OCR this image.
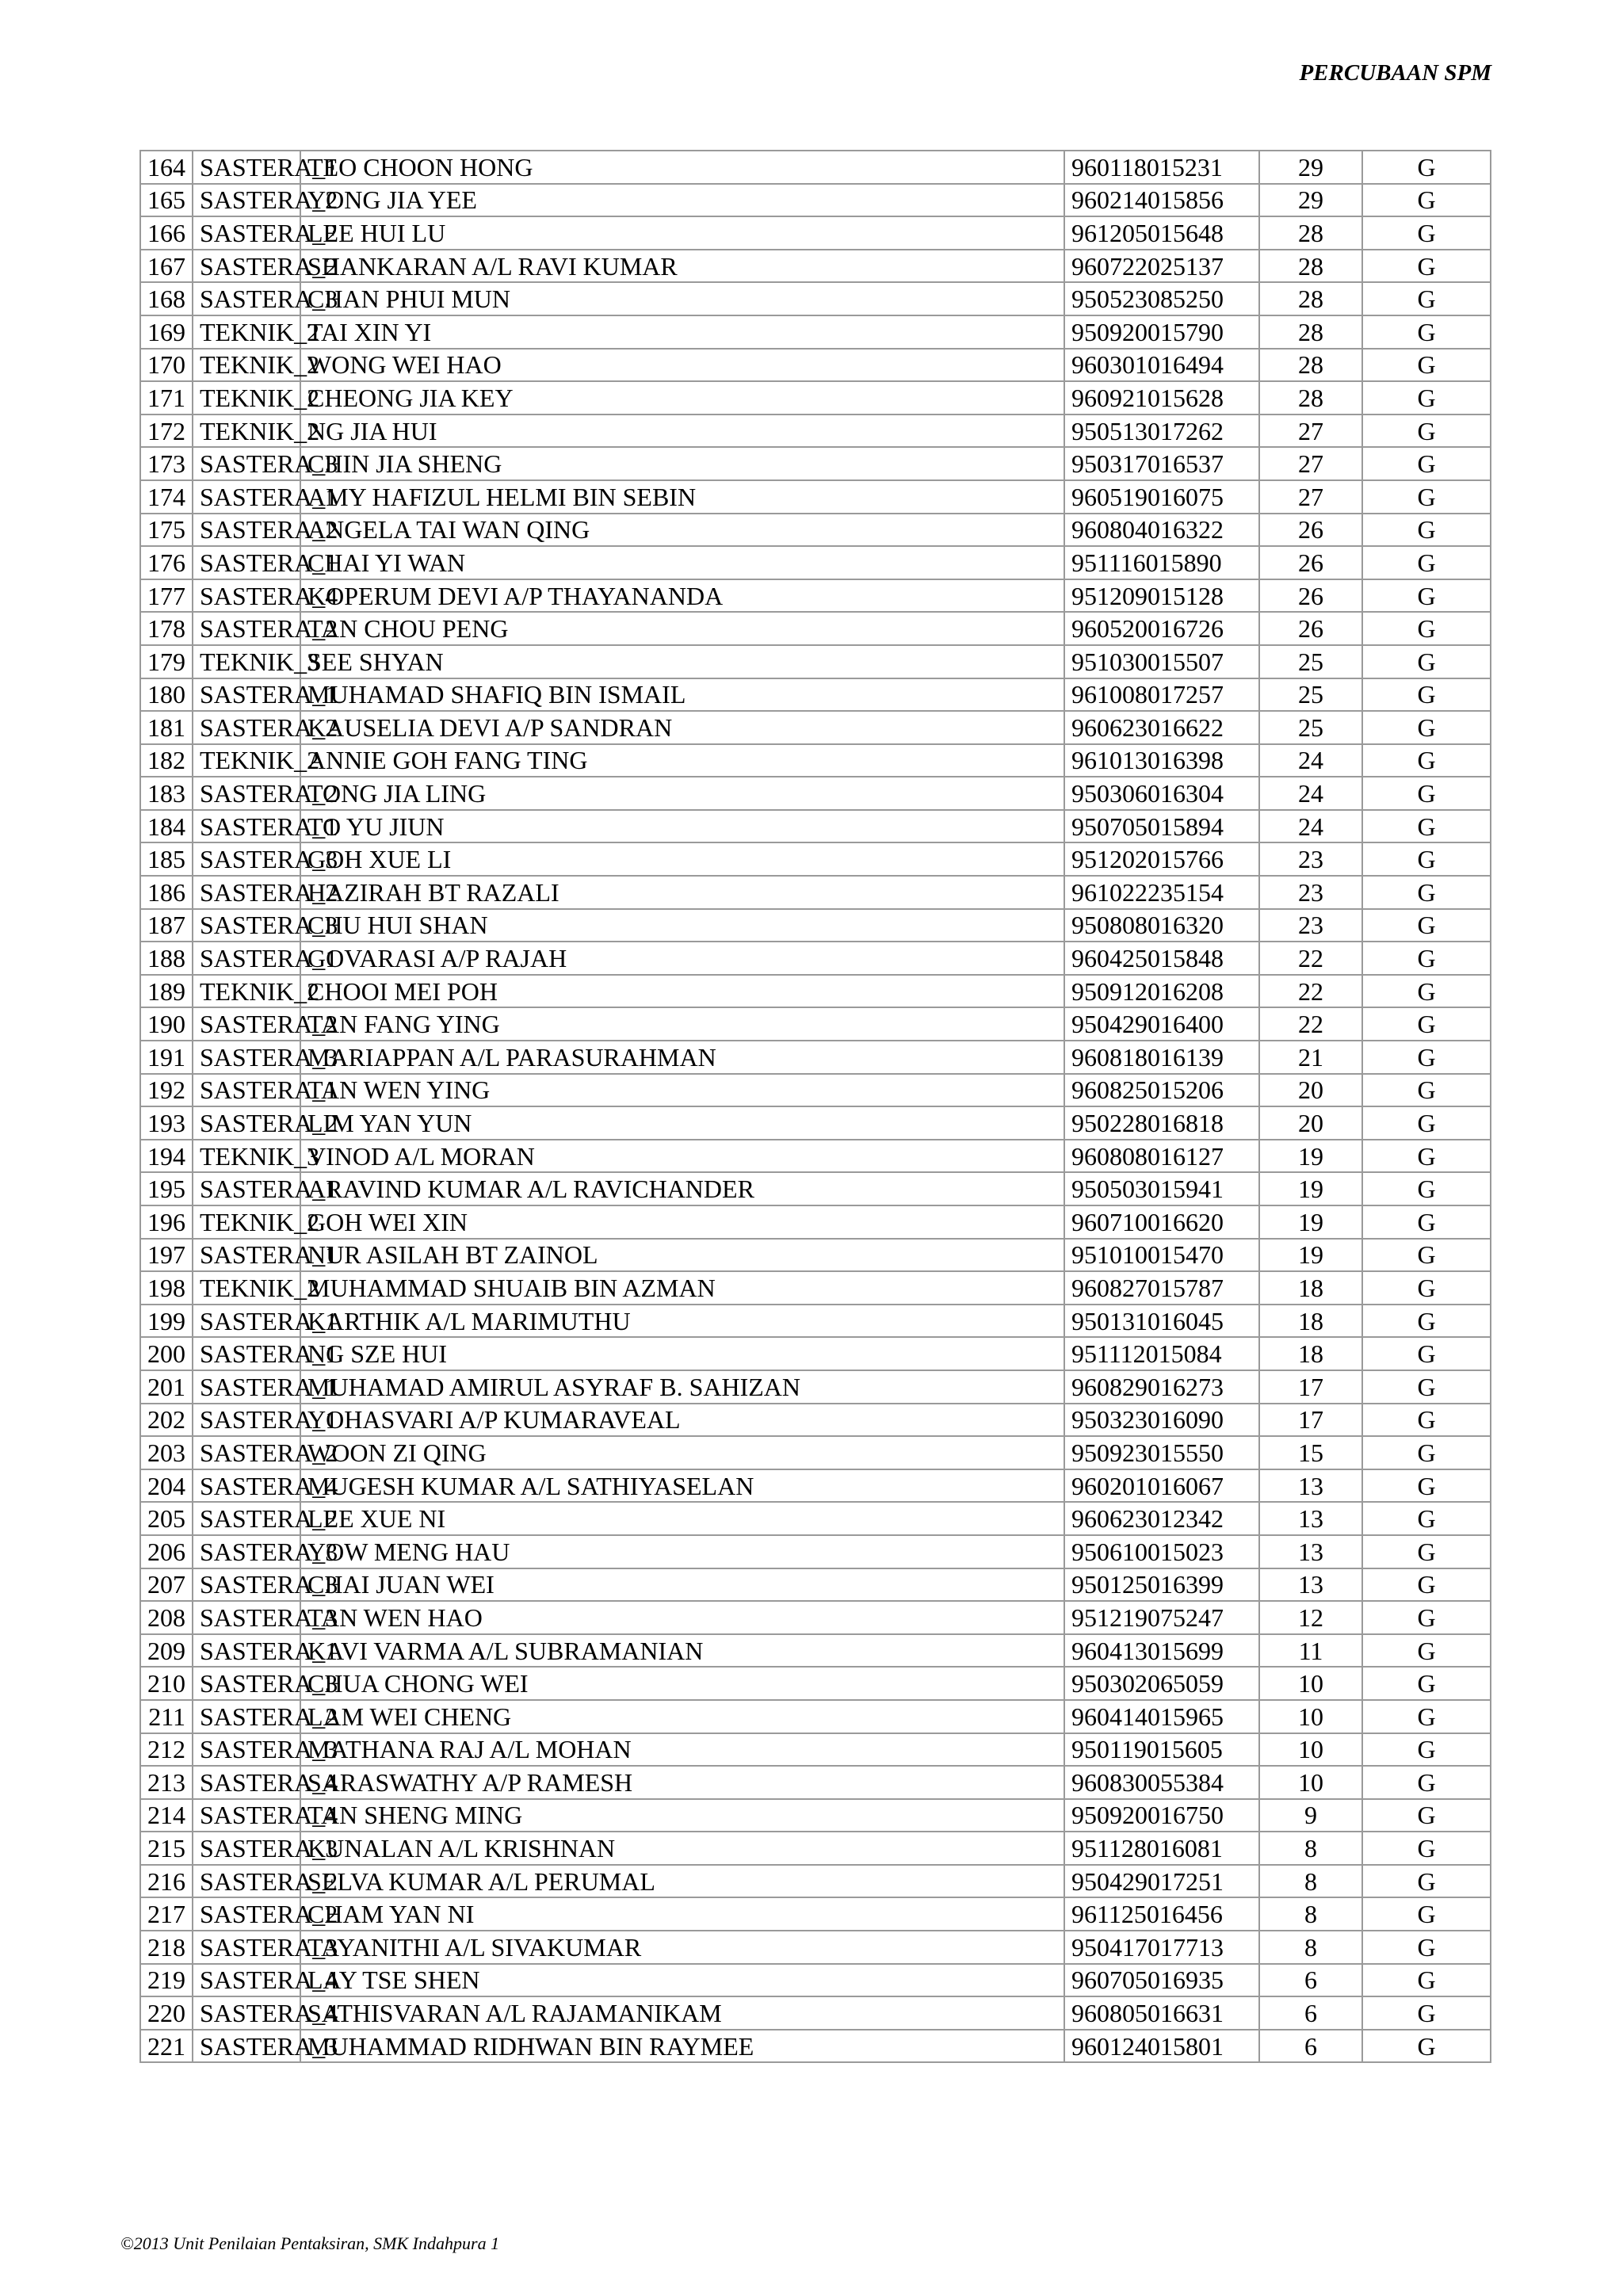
PERCUBAAN SPM
164	SASTERA_1	TEO CHOON HONG	960118015231	29	G
165	SASTERA_2	YONG JIA YEE	960214015856	29	G
166	SASTERA_2	LEE HUI LU	961205015648	28	G
167	SASTERA_2	SHANKARAN A/L RAVI KUMAR	960722025137	28	G
168	SASTERA_3	CHAN PHUI MUN	950523085250	28	G
169	TEKNIK_2	TAI XIN YI	950920015790	28	G
170	TEKNIK_2	WONG WEI HAO	960301016494	28	G
171	TEKNIK_2	CHEONG JIA KEY	960921015628	28	G
172	TEKNIK_2	NG JIA HUI	950513017262	27	G
173	SASTERA_3	CHIN JIA SHENG	950317016537	27	G
174	SASTERA_1	AMY HAFIZUL HELMI BIN SEBIN	960519016075	27	G
175	SASTERA_2	ANGELA TAI WAN QING	960804016322	26	G
176	SASTERA_1	CHAI YI WAN	951116015890	26	G
177	SASTERA_4	KOPERUM DEVI A/P THAYANANDA	951209015128	26	G
178	SASTERA_2	TAN CHOU PENG	960520016726	26	G
179	TEKNIK_3	SEE SHYAN	951030015507	25	G
180	SASTERA_1	MUHAMAD SHAFIQ BIN ISMAIL	961008017257	25	G
181	SASTERA_2	KAUSELIA DEVI A/P SANDRAN	960623016622	25	G
182	TEKNIK_2	ANNIE GOH FANG TING	961013016398	24	G
183	SASTERA_2	TONG JIA LING	950306016304	24	G
184	SASTERA_1	TO YU JIUN	950705015894	24	G
185	SASTERA_3	GOH XUE LI	951202015766	23	G
186	SASTERA_2	HAZIRAH BT RAZALI	961022235154	23	G
187	SASTERA_3	CHU HUI SHAN	950808016320	23	G
188	SASTERA_1	GOVARASI A/P RAJAH	960425015848	22	G
189	TEKNIK_2	CHOOI MEI POH	950912016208	22	G
190	SASTERA_2	TAN FANG YING	950429016400	22	G
191	SASTERA_3	MARIAPPAN A/L PARASURAHMAN	960818016139	21	G
192	SASTERA_1	TAN WEN YING	960825015206	20	G
193	SASTERA_2	LIM YAN YUN	950228016818	20	G
194	TEKNIK_3	VINOD A/L MORAN	960808016127	19	G
195	SASTERA_1	ARAVIND KUMAR A/L RAVICHANDER	950503015941	19	G
196	TEKNIK_2	GOH WEI XIN	960710016620	19	G
197	SASTERA_1	NUR ASILAH BT ZAINOL	951010015470	19	G
198	TEKNIK_2	MUHAMMAD SHUAIB BIN AZMAN	960827015787	18	G
199	SASTERA_1	KARTHIK A/L MARIMUTHU	950131016045	18	G
200	SASTERA_1	NG SZE HUI	951112015084	18	G
201	SASTERA_1	MUHAMAD AMIRUL ASYRAF B. SAHIZAN	960829016273	17	G
202	SASTERA_1	YOHASVARI A/P KUMARAVEAL	950323016090	17	G
203	SASTERA_2	WOON ZI QING	950923015550	15	G
204	SASTERA_4	MUGESH KUMAR A/L SATHIYASELAN	960201016067	13	G
205	SASTERA_2	LEE XUE NI	960623012342	13	G
206	SASTERA_3	YOW MENG HAU	950610015023	13	G
207	SASTERA_3	CHAI JUAN WEI	950125016399	13	G
208	SASTERA_3	TAN WEN HAO	951219075247	12	G
209	SASTERA_1	KAVI VARMA A/L SUBRAMANIAN	960413015699	11	G
210	SASTERA_3	CHUA CHONG WEI	950302065059	10	G
211	SASTERA_2	LAM WEI CHENG	960414015965	10	G
212	SASTERA_3	MATHANA RAJ A/L MOHAN	950119015605	10	G
213	SASTERA_4	SARASWATHY A/P RAMESH	960830055384	10	G
214	SASTERA_4	TAN SHENG MING	950920016750	9	G
215	SASTERA_3	KUNALAN A/L KRISHNAN	951128016081	8	G
216	SASTERA_2	SELVA KUMAR A/L PERUMAL	950429017251	8	G
217	SASTERA_2	CHAM YAN NI	961125016456	8	G
218	SASTERA_3	TAYANITHI A/L SIVAKUMAR	950417017713	8	G
219	SASTERA_4	LAY TSE SHEN	960705016935	6	G
220	SASTERA_4	SATHISVARAN A/L RAJAMANIKAM	960805016631	6	G
221	SASTERA_3	MUHAMMAD RIDHWAN BIN RAYMEE	960124015801	6	G
©2013 Unit Penilaian Pentaksiran, SMK Indahpura 1
